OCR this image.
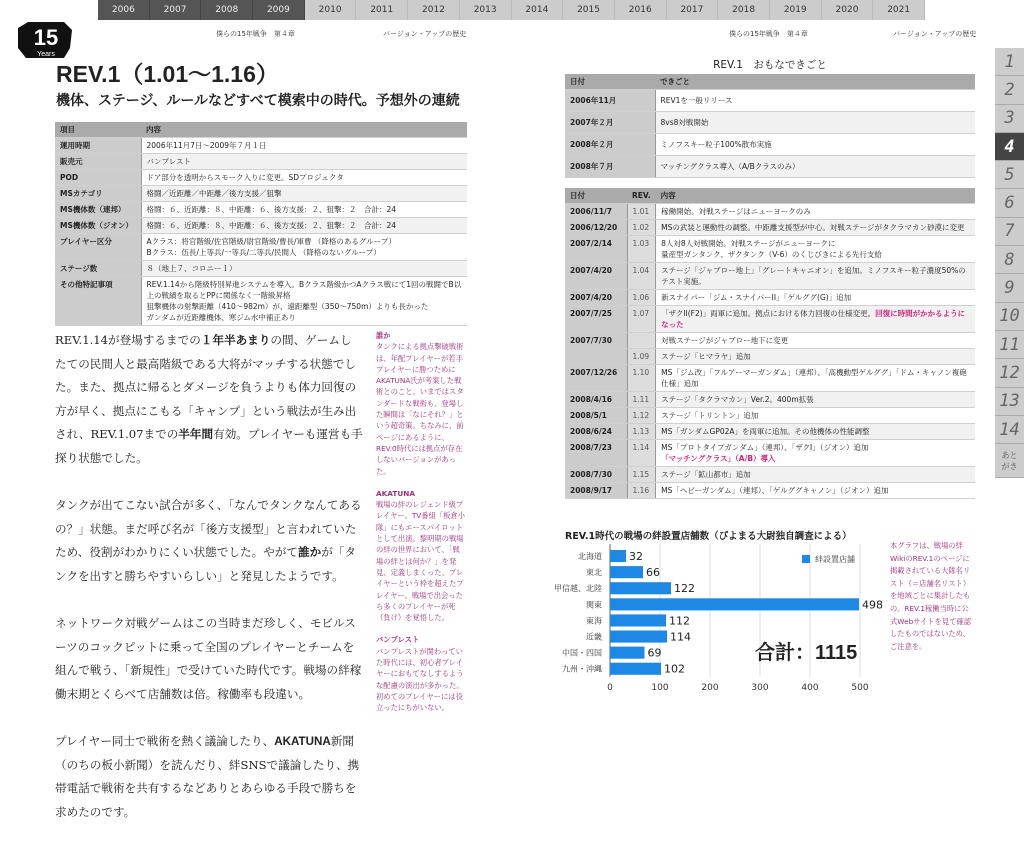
2006	2007	2008	2009	2010	2011	2012	2013	2014	2015	2016	2017	2018	2019	2020	2021
15
Years
僕らの15年戦争　第４章	バージョン・アップの歴史	僕らの15年戦争　第４章	バージョン・アップの歴史
REV.1（1.01〜1.16）
機体、ステージ、ルールなどすべて模索中の時代。予想外の連続
項目	内容
運用時期	2006年11月7日〜2009年７月１日
販売元	バンプレスト
POD	ドア部分を透明からスモーク入りに変更。SDプロジェクタ
MSカテゴリ	格闘／近距離／中距離／後方支援／狙撃
MS機体数（連邦）	格闘：６、近距離：８、中距離：６、後方支援：２、狙撃：２　合計：24
MS機体数（ジオン）	格闘：６、近距離：８、中距離：６、後方支援：２、狙撃：２　合計：24
プレイヤー区分	Aクラス：将官階級/佐官階級/尉官階級/曹長/軍曹 （降格のあるグループ）
Bクラス：伍長/上等兵/一等兵/二等兵/民間人 （降格のないグループ）
ステージ数	８（地上７、コロニー１）
その他特記事項	REV.1.14から階級特別昇進システムを導入。Bクラス階級かつAクラス戦にて1回の戦闘でB以上の戦績を取るとPPに関係なく一階級昇格
狙撃機体の射撃距離（410〜982m）が、遠距離型（350〜750m）よりも長かった
ガンダムが近距離機体、寒ジム水中補正あり

REV.1.14が登場するまでの１年半あまりの間、ゲームしたての民間人と最高階級である大将がマッチする状態でした。また、拠点に帰るとダメージを負うよりも体力回復の方が早く、拠点にこもる「キャンプ」という戦法が生み出され、REV.1.07までの半年間有効。プレイヤーも運営も手探り状態でした。

タンクが出てこない試合が多く、「なんでタンクなんてあるの？」状態。まだ呼び名が「後方支援型」と言われていたため、役割がわかりにくい状態でした。やがて誰かが「タンクを出すと勝ちやすいらしい」と発見したようです。

ネットワーク対戦ゲームはこの当時まだ珍しく、モビルスーツのコックピットに乗って全国のプレイヤーとチームを組んで戦う、「新規性」で受けていた時代です。戦場の絆稼働末期とくらべて店舗数は倍。稼働率も段違い。

プレイヤー同士で戦術を熱く議論したり、AKATUNA新聞（のちの板小新聞）を読んだり、絆SNSで議論したり、携帯電話で戦術を共有するなどありとあらゆる手段で勝ちを求めたのです。

誰か
タンクによる拠点撃破戦術は、年配プレイヤーが若手プレイヤーに勝つためにAKATUNA氏が考案した戦術とのこと。いまではスタンダードな戦術も、登場した瞬間は「なにそれ？」という超奇策。ちなみに、前ページにあるように、REV.0時代には拠点が存在しないバージョンがあった。
AKATUNA
戦場の絆のレジェンド級プレイヤー。TV番組「板倉小隊」にもエースパイロットとして出演。黎明期の戦場の絆の世界において、「戦場の絆とは何か？」を発見、定義しまくった、プレイヤーという枠を超えたプレイヤー。戦場で出会ったら多くのプレイヤーが死（負け）を覚悟した。
バンプレスト
バンプレストが関わっていた時代には、初心者プレイヤーにおもてなしするような配慮の演出が多かった。初めてのプレイヤーには役立ったにちがいない。
REV.1　おもなできごと
日付	できごと
2006年11月	REV1を一般リリース
2007年２月	8vs8対戦開始
2008年２月	ミノフスキー粒子100%散布実施
2008年７月	マッチングクラス導入（A/Bクラスのみ）
日付	REV.	内容
2006/11/7	1.01	稼働開始。対戦ステージはニューヨークのみ
2006/12/20	1.02	MSの武装と運動性の調整。中距離支援型が中心。対戦ステージがタクラマカン砂漠に変更
2007/2/14	1.03	8人対8人対戦開始。対戦ステージがニューヨークに
量産型ガンタンク、ザクタンク（V-6）のくじびきによる先行支給
2007/4/20	1.04	ステージ「ジャブロー地上」「グレートキャニオン」を追加。ミノフスキー粒子濃度50%のテスト実施。
2007/4/20	1.06	新スナイパー「ジム・スナイパーII」「ゲルググ(G)」追加
2007/7/25	1.07	「ザクII(F2)」両軍に追加。拠点における体力回復の仕様変更。回復に時間がかかるようになった
2007/7/30		対戦ステージがジャブロー地下に変更
	1.09	ステージ「ヒマラヤ」追加
2007/12/26	1.10	MS「ジム改」「フルアーマーガンダム」（連邦）、「高機動型ゲルググ」「ドム・キャノン複砲仕様」追加
2008/4/16	1.11	ステージ「タクラマカン」Ver.2。400m拡張
2008/5/1	1.12	ステージ「トリントン」追加
2008/6/24	1.13	MS「ガンダムGP02A」を両軍に追加。その他機体の性能調整
2008/7/23	1.14	MS「プロトタイプガンダム」（連邦）、「ザクI」（ジオン）追加
「マッチングクラス」（A/B）導入
2008/7/30	1.15	ステージ「鉱山都市」追加
2008/9/17	1.16	MS「ヘビーガンダム」（連邦）、「ゲルググキャノン」（ジオン）追加
REV.1時代の戦場の絆設置店舗数（ぴよまる大尉独自調査による）
0	100	200	300	400	500
北海道 32
東北	66
甲信越、北陸	122
関東	498
東海	112
近畿	114
中国・四国	69
九州・沖縄	102
絆設置店舗
合計：1115
本グラフは、戦場の絆WikiのREV.1のページに掲載されている大隊名リスト（＝店舗名リスト）を地域ごとに集計したもの。REV.1稼働当時に公式Webサイトを見て確認したものではないため、ご注意を。
1
2
3
4
5
6
7
8
9
10
11
12
13
14
あと
がき
